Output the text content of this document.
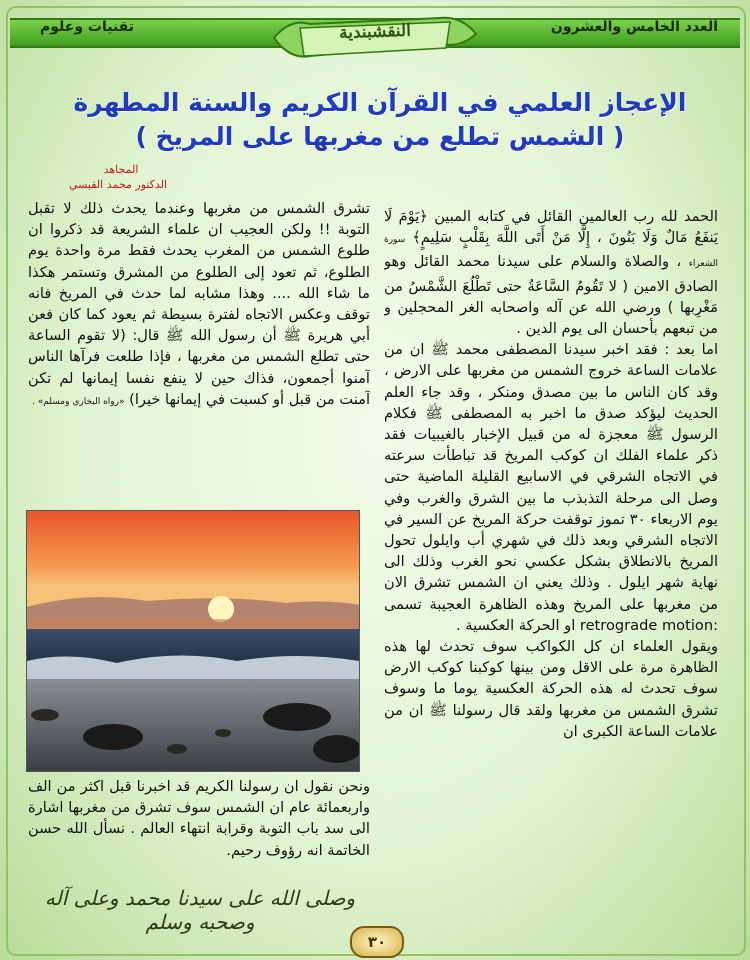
العدد الخامس والعشرون
تقنيات وعلوم	النقشبندية
الإعجاز العلمي في القرآن الكريم والسنة المطهرة
( الشمس تطلع من مغربها على المريخ )
المجاهد
الدكتور محمد القيسي

الحمد لله رب العالمين القائل في كتابه المبين ﴿يَوْمَ لَا يَنفَعُ مَالٌ وَلَا بَنُونَ ، إِلَّا مَنْ أَتَى اللَّهَ بِقَلْبٍ سَلِيمٍ﴾ سورة الشعراء ، والصلاة والسلام على سيدنا محمد القائل وهو الصادق الامين ( لا تَقُومُ السَّاعَةُ حتى تَطْلُعَ الشَّمْسُ من مَغْرِبها ) ورضي الله عن آله واصحابه الغر المحجلين و من تبعهم بأحسان الى يوم الدين .

اما بعد : فقد اخبر سيدنا المصطفى محمد ﷺ ان من علامات الساعة خروج الشمس من مغربها على الارض ، وقد كان الناس ما بين مصدق ومنكر ، وقد جاء العلم الحديث ليؤكد صدق ما اخبر به المصطفى ﷺ فكلام الرسول ﷺ معجزة له من قبيل الإخبار بالغيبيات فقد ذكر علماء الفلك ان كوكب المريخ قد تباطأت سرعته في الاتجاه الشرقي في الاسابيع القليلة الماضية حتى وصل الى مرحلة التذبذب ما بين الشرق والغرب وفي يوم الاربعاء ٣٠ تموز توقفت حركة المريخ عن السير في الاتجاه الشرقي وبعد ذلك في شهري أب وايلول تحول المريخ بالانطلاق بشكل عكسي نحو الغرب وذلك الى نهاية شهر ايلول . وذلك يعني ان الشمس تشرق الان من مغربها على المريخ وهذه الظاهرة العجيبة تسمى :retrograde motion او الحركة العكسية .

ويقول العلماء ان كل الكواكب سوف تحدث لها هذه الظاهرة مرة على الاقل ومن بينها كوكبنا كوكب الارض سوف تحدث له هذه الحركة العكسية يوما ما وسوف تشرق الشمس من مغربها ولقد قال رسولنا ﷺ ان من علامات الساعة الكبرى ان

تشرق الشمس من مغربها وعندما يحدث ذلك لا تقبل التوبة !! ولكن العجيب ان علماء الشريعة قد ذكروا ان طلوع الشمس من المغرب يحدث فقط مرة واحدة يوم الطلوع، ثم تعود إلى الطلوع من المشرق وتستمر هكذا ما شاء الله .... وهذا مشابه لما حدث في المريخ فانه توقف وعكس الاتجاه لفترة بسيطة ثم يعود كما كان فعن أبي هريرة ﷺ أن رسول الله ﷺ قال: (لا تقوم الساعة حتى تطلع الشمس من مغربها ، فإذا طلعت فرآها الناس آمنوا أجمعون، فذاك حين لا ينفع نفسا إيمانها لم تكن آمنت من قبل أو كسبت في إيمانها خيرا) «رواه البخاري ومسلم» .

ونحن نقول ان رسولنا الكريم قد اخبرنا قبل اكثر من الف واربعمائة عام ان الشمس سوف تشرق من مغربها اشارة الى سد باب التوبة وقرابة انتهاء العالم . نسأل الله حسن الخاتمة انه رؤوف رحيم.

وصلى الله على سيدنا محمد وعلى آله وصحبه وسلم
٣٠
